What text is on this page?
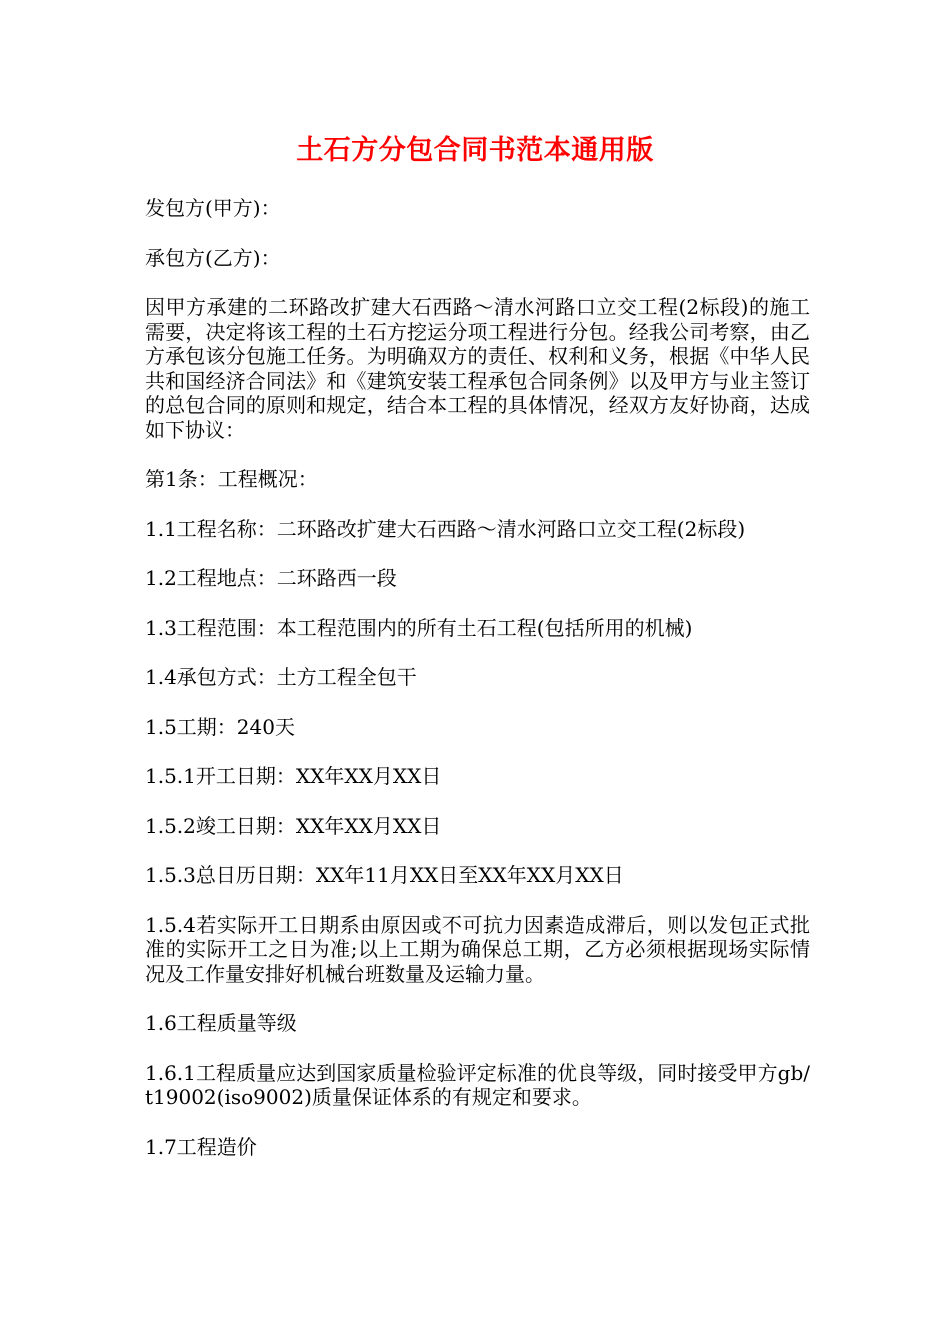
土石方分包合同书范本通用版

发包方(甲方)：

承包方(乙方)：

因甲方承建的二环路改扩建大石西路～清水河路口立交工程(2标段)的施工需要，决定将该工程的土石方挖运分项工程进行分包。经我公司考察，由乙方承包该分包施工任务。为明确双方的责任、权利和义务，根据《中华人民共和国经济合同法》和《建筑安装工程承包合同条例》以及甲方与业主签订的总包合同的原则和规定，结合本工程的具体情况，经双方友好协商，达成如下协议：

第1条：工程概况：

1.1工程名称：二环路改扩建大石西路～清水河路口立交工程(2标段)

1.2工程地点：二环路西一段

1.3工程范围：本工程范围内的所有土石工程(包括所用的机械)

1.4承包方式：土方工程全包干

1.5工期：240天

1.5.1开工日期：XX年XX月XX日

1.5.2竣工日期：XX年XX月XX日

1.5.3总日历日期：XX年11月XX日至XX年XX月XX日

1.5.4若实际开工日期系由原因或不可抗力因素造成滞后，则以发包正式批准的实际开工之日为准;以上工期为确保总工期，乙方必须根据现场实际情况及工作量安排好机械台班数量及运输力量。

1.6工程质量等级

1.6.1工程质量应达到国家质量检验评定标准的优良等级，同时接受甲方gb/t19002(iso9002)质量保证体系的有规定和要求。

1.7工程造价
